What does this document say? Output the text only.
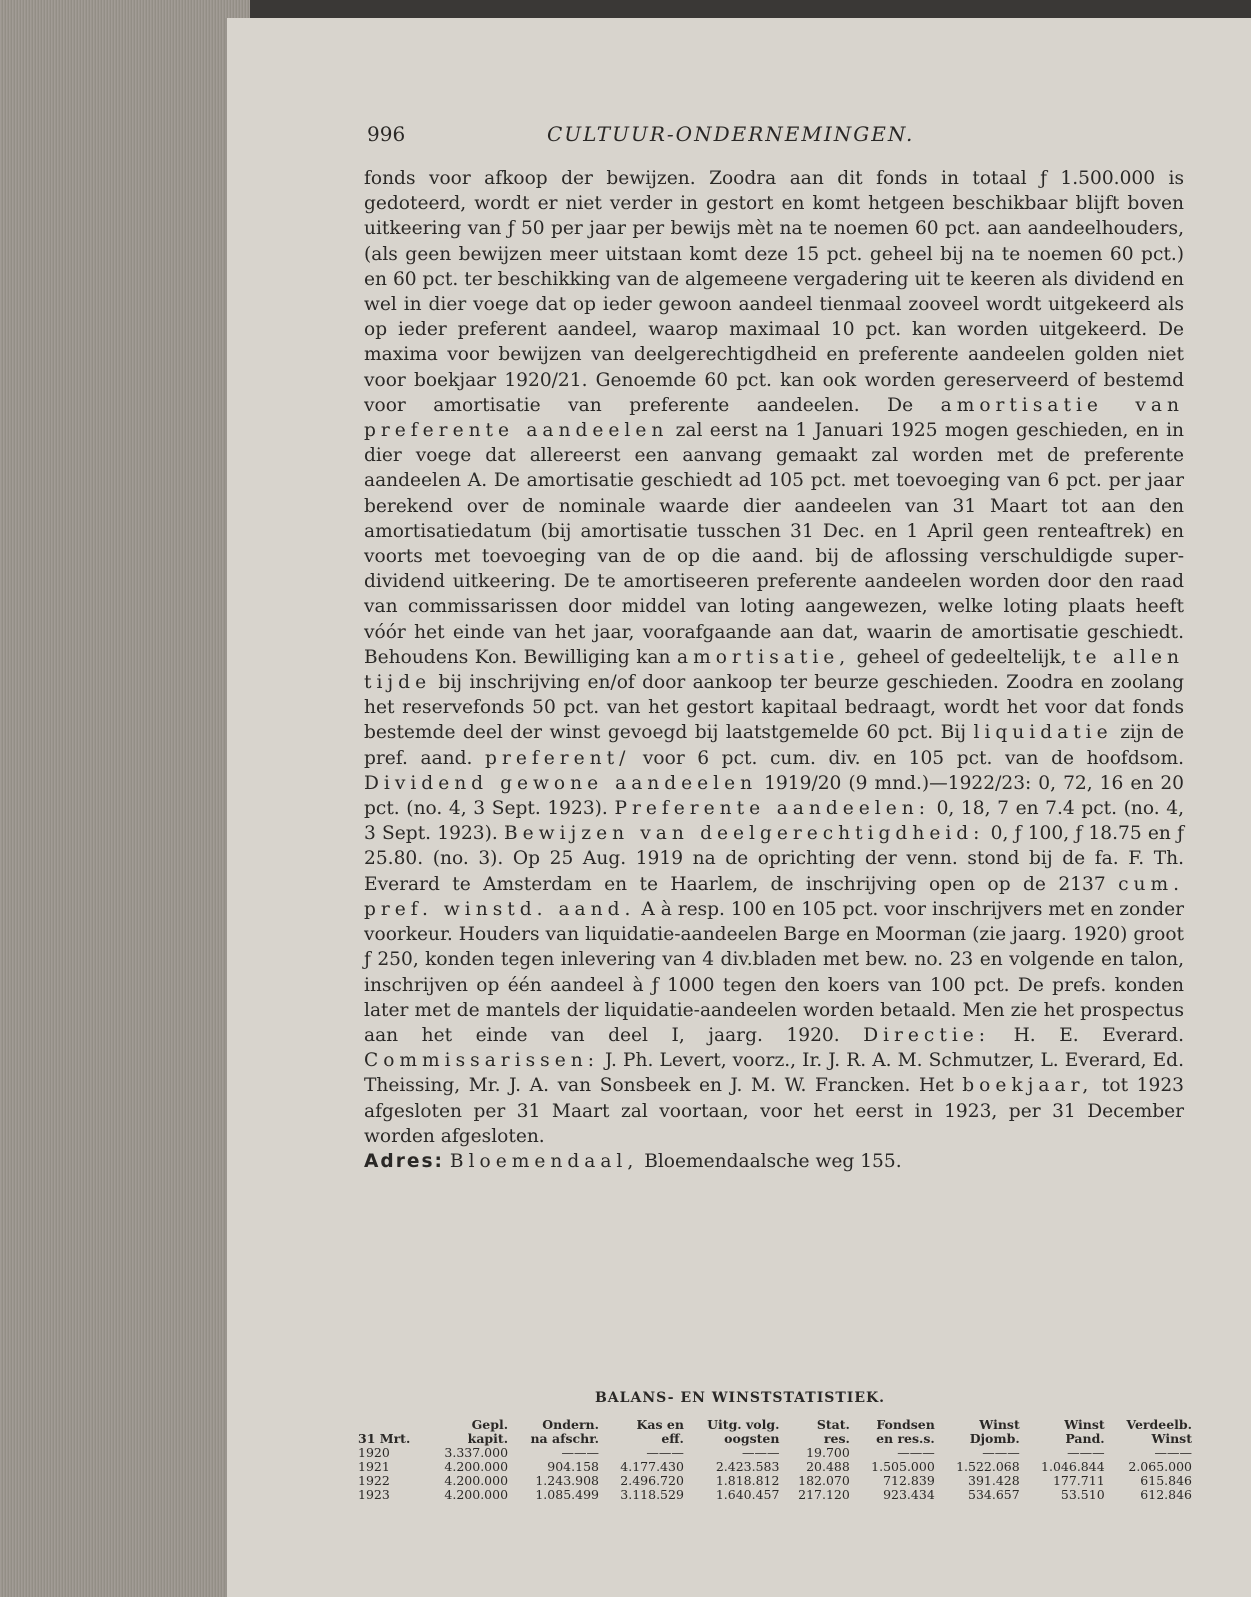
996	CULTUUR-ONDERNEMINGEN.

fonds voor afkoop der bewijzen. Zoodra aan dit fonds in totaal ƒ 1.500.000 is gedoteerd, wordt er niet verder in gestort en komt hetgeen beschikbaar blijft boven uitkeering van ƒ 50 per jaar per bewijs mèt na te noemen 60 pct. aan aandeelhouders, (als geen bewijzen meer uitstaan komt deze 15 pct. geheel bij na te noemen 60 pct.) en 60 pct. ter beschikking van de algemeene vergadering uit te keeren als dividend en wel in dier voege dat op ieder gewoon aandeel tienmaal zooveel wordt uitgekeerd als op ieder preferent aandeel, waarop maximaal 10 pct. kan worden uitgekeerd. De maxima voor bewijzen van deelgerechtigdheid en preferente aandeelen golden niet voor boekjaar 1920/21. Genoemde 60 pct. kan ook worden gereserveerd of bestemd voor amortisatie van preferente aandeelen. De amortisatie van preferente aandeelen zal eerst na 1 Januari 1925 mogen geschieden, en in dier voege dat allereerst een aanvang gemaakt zal worden met de preferente aandeelen A. De amortisatie geschiedt ad 105 pct. met toevoeging van 6 pct. per jaar berekend over de nominale waarde dier aandeelen van 31 Maart tot aan den amortisatiedatum (bij amortisatie tusschen 31 Dec. en 1 April geen renteaftrek) en voorts met toevoeging van de op die aand. bij de aflossing verschuldigde super-dividend uitkeering. De te amortiseeren preferente aandeelen worden door den raad van commissarissen door middel van loting aangewezen, welke loting plaats heeft vóór het einde van het jaar, voorafgaande aan dat, waarin de amortisatie geschiedt. Behoudens Kon. Bewilliging kan amortisatie, geheel of gedeeltelijk, te allen tijde bij inschrijving en/of door aankoop ter beurze geschieden. Zoodra en zoolang het reservefonds 50 pct. van het gestort kapitaal bedraagt, wordt het voor dat fonds bestemde deel der winst gevoegd bij laatstgemelde 60 pct. Bij liquidatie zijn de pref. aand. preferent/ voor 6 pct. cum. div. en 105 pct. van de hoofdsom. Dividend gewone aandeelen 1919/20 (9 mnd.)—1922/23: 0, 72, 16 en 20 pct. (no. 4, 3 Sept. 1923). Preferente aandeelen: 0, 18, 7 en 7.4 pct. (no. 4, 3 Sept. 1923). Bewijzen van deelgerechtigdheid: 0, ƒ 100, ƒ 18.75 en ƒ 25.80. (no. 3). Op 25 Aug. 1919 na de oprichting der venn. stond bij de fa. F. Th. Everard te Amsterdam en te Haarlem, de inschrijving open op de 2137 cum. pref. winstd. aand. A à resp. 100 en 105 pct. voor inschrijvers met en zonder voorkeur. Houders van liquidatie-aandeelen Barge en Moorman (zie jaarg. 1920) groot ƒ 250, konden tegen inlevering van 4 div.bladen met bew. no. 23 en volgende en talon, inschrijven op één aandeel à ƒ 1000 tegen den koers van 100 pct. De prefs. konden later met de mantels der liquidatie-aandeelen worden betaald. Men zie het prospectus aan het einde van deel I, jaarg. 1920. Directie: H. E. Everard. Commissarissen: J. Ph. Levert, voorz., Ir. J. R. A. M. Schmutzer, L. Everard, Ed. Theissing, Mr. J. A. van Sonsbeek en J. M. W. Francken. Het boekjaar, tot 1923 afgesloten per 31 Maart zal voortaan, voor het eerst in 1923, per 31 December worden afgesloten.
Adres: Bloemendaal, Bloemendaalsche weg 155.

BALANS- EN WINSTSTATISTIEK.
	Gepl.	Ondern.	Kas en	Uitg. volg.	Stat.	Fondsen	Winst	Winst	Verdeelb.
31 Mrt.	kapit.	na afschr.	eff.	oogsten	res.	en res.s.	Djomb.	Pand.	Winst
1920	3.337.000	———	———	———	19.700	———	———	———	———
1921	4.200.000	904.158	4.177.430	2.423.583	20.488	1.505.000	1.522.068	1.046.844	2.065.000
1922	4.200.000	1.243.908	2.496.720	1.818.812	182.070	712.839	391.428	177.711	615.846
1923	4.200.000	1.085.499	3.118.529	1.640.457	217.120	923.434	534.657	53.510	612.846
